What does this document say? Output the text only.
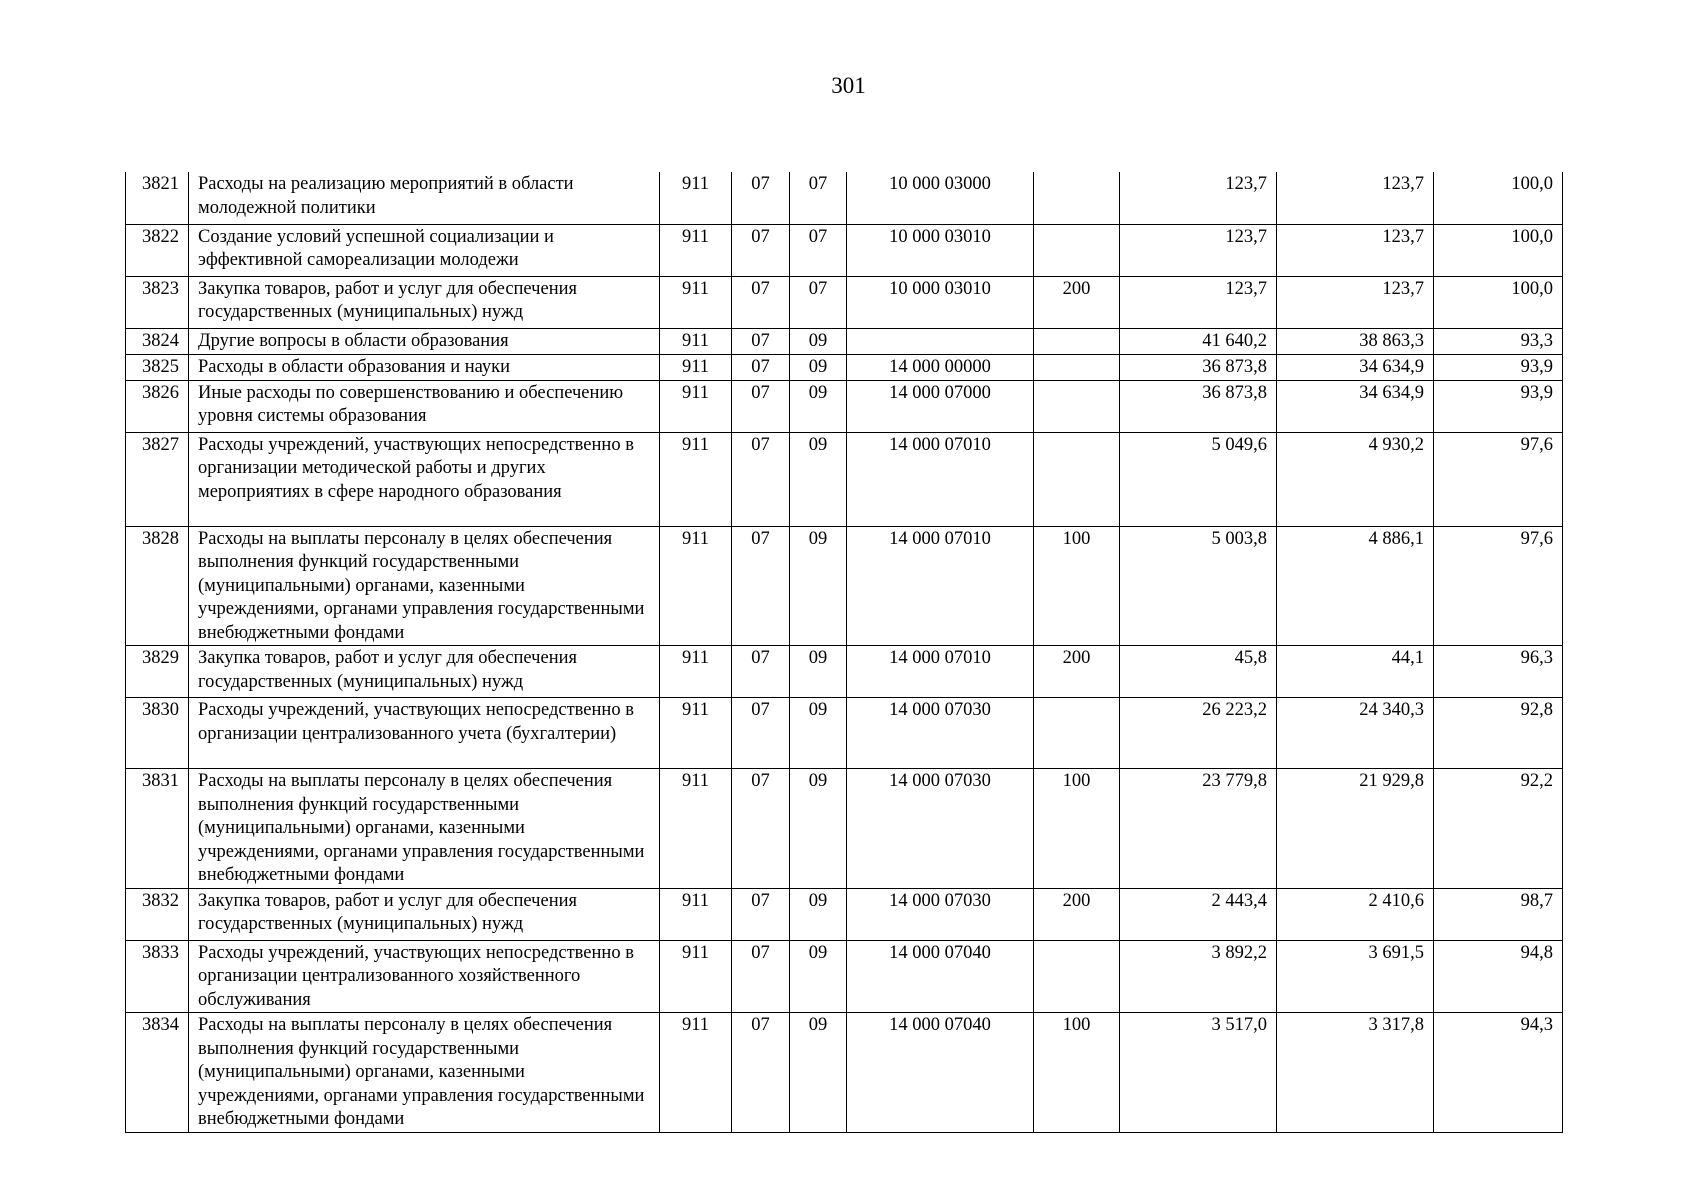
301
3821	Расходы на реализацию мероприятий в области молодежной политики	911	07	07	10 000 03000		123,7	123,7	100,0
3822	Создание условий успешной социализации и эффективной самореализации молодежи	911	07	07	10 000 03010		123,7	123,7	100,0
3823	Закупка товаров, работ и услуг для обеспечения государственных (муниципальных) нужд	911	07	07	10 000 03010	200	123,7	123,7	100,0
3824	Другие вопросы в области образования	911	07	09			41 640,2	38 863,3	93,3
3825	Расходы в области образования и науки	911	07	09	14 000 00000		36 873,8	34 634,9	93,9
3826	Иные расходы по совершенствованию и обеспечению уровня системы образования	911	07	09	14 000 07000		36 873,8	34 634,9	93,9
3827	Расходы учреждений, участвующих непосредственно в организации методической работы и других мероприятиях в сфере народного образования	911	07	09	14 000 07010		5 049,6	4 930,2	97,6
3828	Расходы на выплаты персоналу в целях обеспечения выполнения функций государственными (муниципальными) органами, казенными учреждениями, органами управления государственными внебюджетными фондами	911	07	09	14 000 07010	100	5 003,8	4 886,1	97,6
3829	Закупка товаров, работ и услуг для обеспечения государственных (муниципальных) нужд	911	07	09	14 000 07010	200	45,8	44,1	96,3
3830	Расходы учреждений, участвующих непосредственно в организации централизованного учета (бухгалтерии)	911	07	09	14 000 07030		26 223,2	24 340,3	92,8
3831	Расходы на выплаты персоналу в целях обеспечения выполнения функций государственными (муниципальными) органами, казенными учреждениями, органами управления государственными внебюджетными фондами	911	07	09	14 000 07030	100	23 779,8	21 929,8	92,2
3832	Закупка товаров, работ и услуг для обеспечения государственных (муниципальных) нужд	911	07	09	14 000 07030	200	2 443,4	2 410,6	98,7
3833	Расходы учреждений, участвующих непосредственно в организации централизованного хозяйственного обслуживания	911	07	09	14 000 07040		3 892,2	3 691,5	94,8
3834	Расходы на выплаты персоналу в целях обеспечения выполнения функций государственными (муниципальными) органами, казенными учреждениями, органами управления государственными внебюджетными фондами	911	07	09	14 000 07040	100	3 517,0	3 317,8	94,3
